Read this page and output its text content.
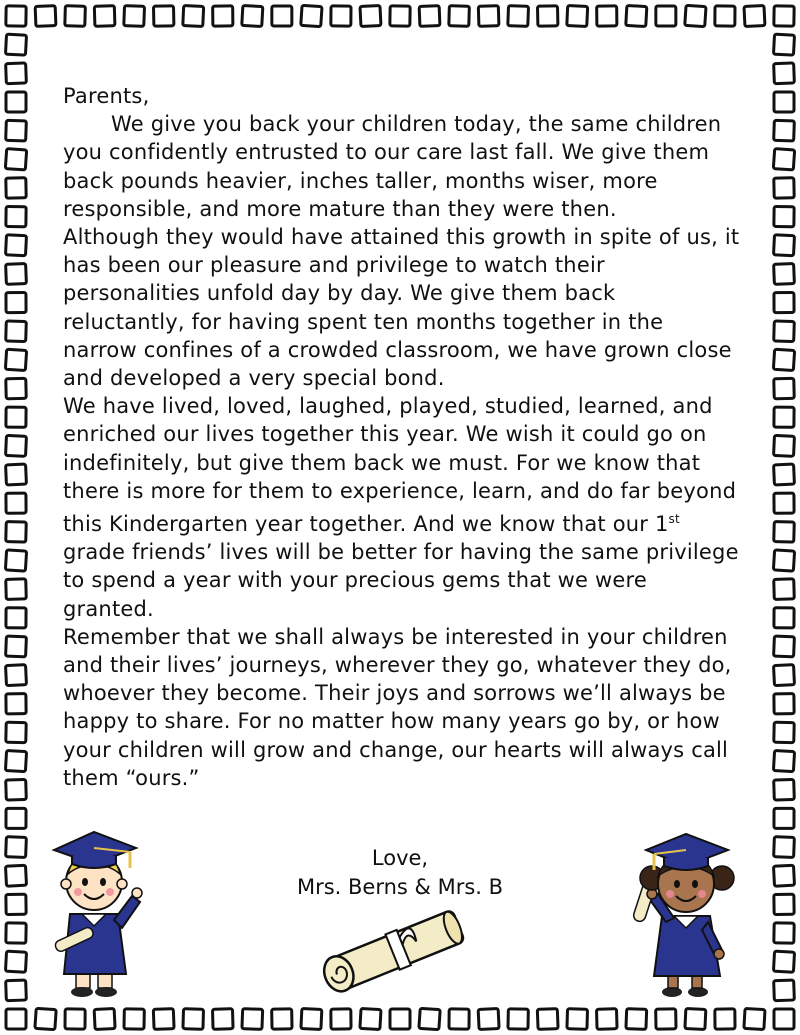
Parents,

We give you back your children today, the same children you confidently entrusted to our care last fall. We give them back pounds heavier, inches taller, months wiser, more responsible, and more mature than they were then.

Although they would have attained this growth in spite of us, it has been our pleasure and privilege to watch their personalities unfold day by day. We give them back reluctantly, for having spent ten months together in the narrow confines of a crowded classroom, we have grown close and developed a very special bond.

We have lived, loved, laughed, played, studied, learned, and enriched our lives together this year. We wish it could go on indefinitely, but give them back we must. For we know that there is more for them to experience, learn, and do far beyond this Kindergarten year together. And we know that our 1st grade friends’ lives will be better for having the same privilege to spend a year with your precious gems that we were granted.

Remember that we shall always be interested in your children and their lives’ journeys, wherever they go, whatever they do, whoever they become. Their joys and sorrows we’ll always be happy to share. For no matter how many years go by, or how your children will grow and change, our hearts will always call them “ours.”

Love,
Mrs. Berns & Mrs. B
